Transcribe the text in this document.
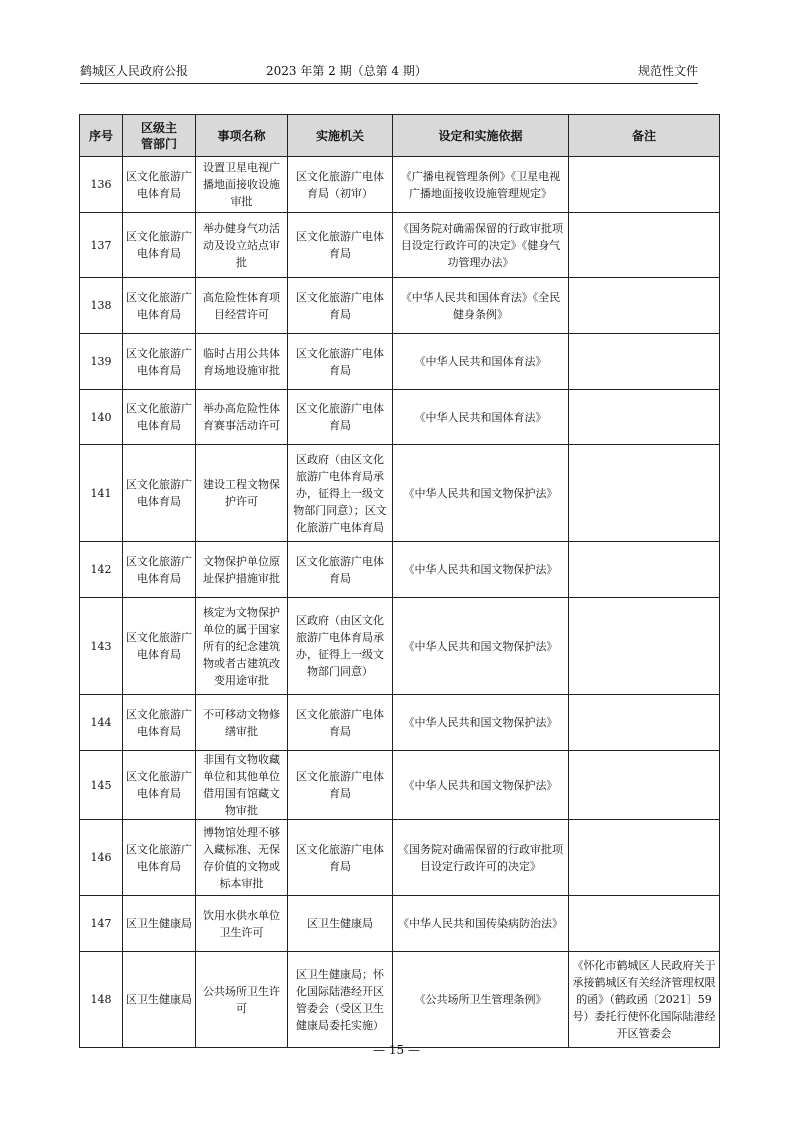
鹤城区人民政府公报	2023 年第 2 期（总第 4 期）	规范性文件
序号	区级主管部门	事项名称	实施机关	设定和实施依据	备注
136	区文化旅游广电体育局	设置卫星电视广播地面接收设施审批	区文化旅游广电体育局（初审）	《广播电视管理条例》《卫星电视广播地面接收设施管理规定》	
137	区文化旅游广电体育局	举办健身气功活动及设立站点审批	区文化旅游广电体育局	《国务院对确需保留的行政审批项目设定行政许可的决定》《健身气功管理办法》	
138	区文化旅游广电体育局	高危险性体育项目经营许可	区文化旅游广电体育局	《中华人民共和国体育法》《全民健身条例》	
139	区文化旅游广电体育局	临时占用公共体育场地设施审批	区文化旅游广电体育局	《中华人民共和国体育法》	
140	区文化旅游广电体育局	举办高危险性体育赛事活动许可	区文化旅游广电体育局	《中华人民共和国体育法》	
141	区文化旅游广电体育局	建设工程文物保护许可	区政府（由区文化旅游广电体育局承办，征得上一级文物部门同意）；区文化旅游广电体育局	《中华人民共和国文物保护法》	
142	区文化旅游广电体育局	文物保护单位原址保护措施审批	区文化旅游广电体育局	《中华人民共和国文物保护法》	
143	区文化旅游广电体育局	核定为文物保护单位的属于国家所有的纪念建筑物或者古建筑改变用途审批	区政府（由区文化旅游广电体育局承办，征得上一级文物部门同意）	《中华人民共和国文物保护法》	
144	区文化旅游广电体育局	不可移动文物修缮审批	区文化旅游广电体育局	《中华人民共和国文物保护法》	
145	区文化旅游广电体育局	非国有文物收藏单位和其他单位借用国有馆藏文物审批	区文化旅游广电体育局	《中华人民共和国文物保护法》	
146	区文化旅游广电体育局	博物馆处理不够入藏标准、无保存价值的文物或标本审批	区文化旅游广电体育局	《国务院对确需保留的行政审批项目设定行政许可的决定》	
147	区卫生健康局	饮用水供水单位卫生许可	区卫生健康局	《中华人民共和国传染病防治法》	
148	区卫生健康局	公共场所卫生许可	区卫生健康局；怀化国际陆港经开区管委会（受区卫生健康局委托实施）	《公共场所卫生管理条例》	《怀化市鹤城区人民政府关于承接鹤城区有关经济管理权限的函》（鹤政函〔2021〕59 号）委托行使怀化国际陆港经开区管委会
— 15 —
